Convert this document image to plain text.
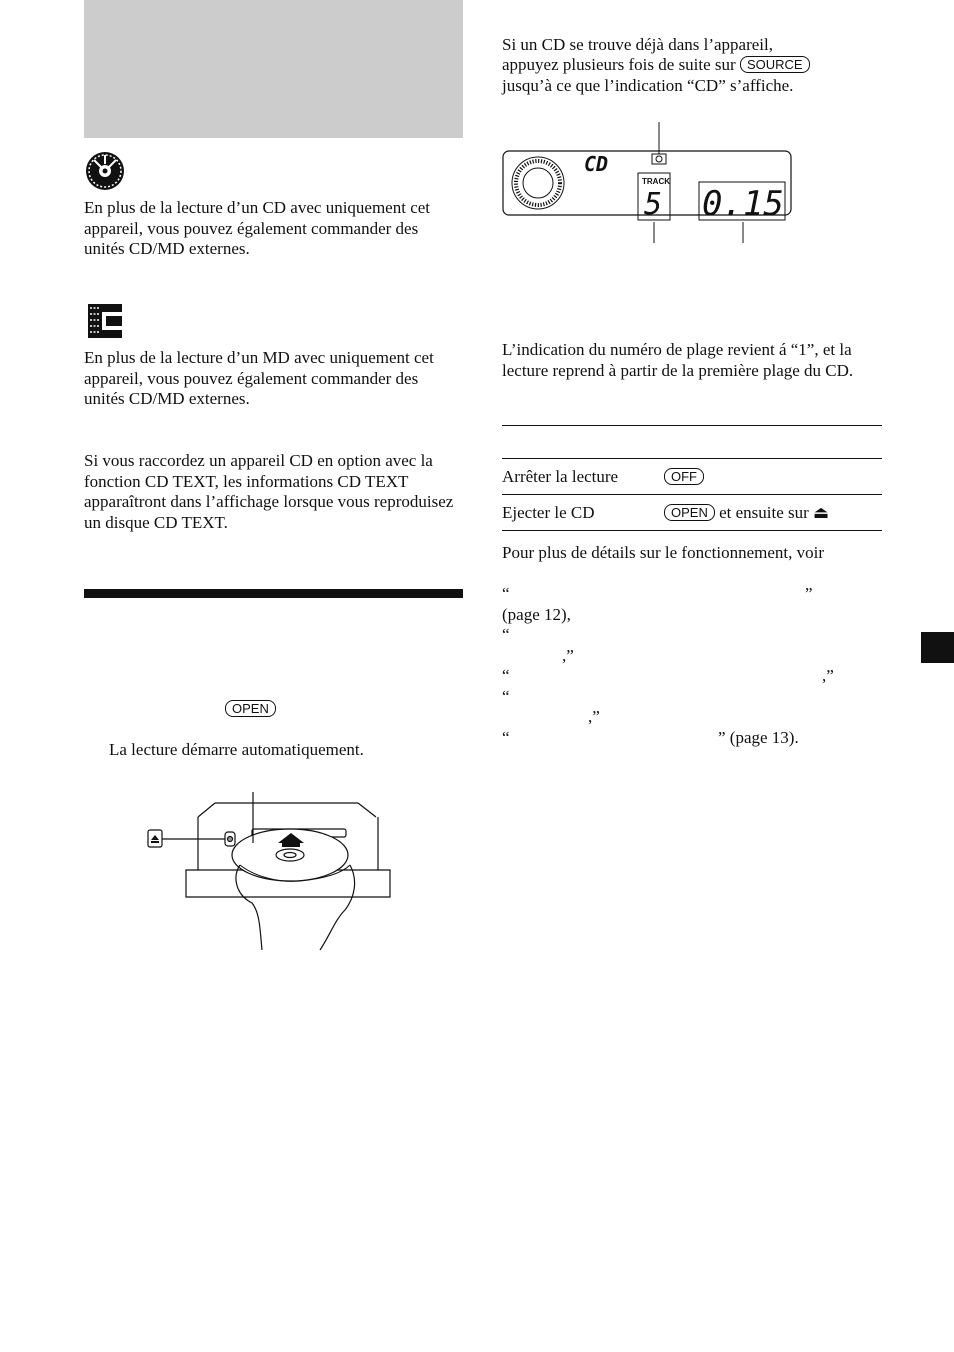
En plus de la lecture d’un CD avec uniquement cet appareil, vous pouvez également commander des unités CD/MD externes.

En plus de la lecture d’un MD avec uniquement cet appareil, vous pouvez également commander des unités CD/MD externes.

Si vous raccordez un appareil CD en option avec la fonction CD TEXT, les informations CD TEXT apparaîtront dans l’affichage lorsque vous reproduisez un disque CD TEXT.

OPEN

La lecture démarre automatiquement.

Si un CD se trouve déjà dans l’appareil,

appuyez plusieurs fois de suite sur SOURCE

jusqu’à ce que l’indication “CD” s’affiche.

CD
TRACK
5 0.15

L’indication du numéro de plage revient á “1”, et la lecture reprend à partir de la première plage du CD.

Arrêter la lecture	OFF
Ejecter le CD	OPEN et ensuite sur ⏏

Pour plus de détails sur le fonctionnement, voir

“	”
(page 12),
“
,”
“	,”
“
,”
“	” (page 13).
